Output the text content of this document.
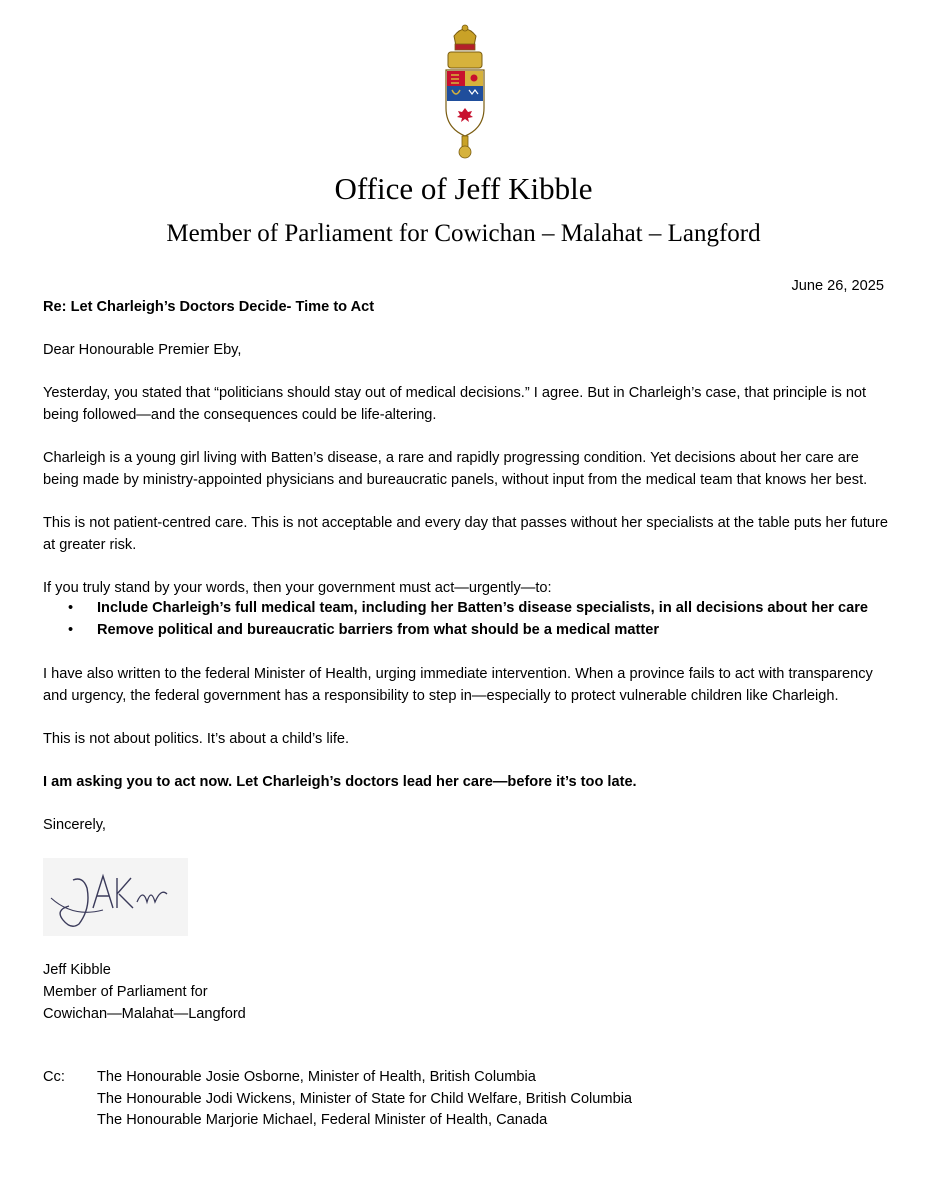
Office of Jeff Kibble
Member of Parliament for Cowichan – Malahat – Langford
June 26, 2025
Re: Let Charleigh’s Doctors Decide- Time to Act
Dear Honourable Premier Eby,
Yesterday, you stated that “politicians should stay out of medical decisions.” I agree. But in Charleigh’s case, that principle is not being followed—and the consequences could be life-altering.
Charleigh is a young girl living with Batten’s disease, a rare and rapidly progressing condition. Yet decisions about her care are being made by ministry-appointed physicians and bureaucratic panels, without input from the medical team that knows her best.
This is not patient-centred care. This is not acceptable and every day that passes without her specialists at the table puts her future at greater risk.
If you truly stand by your words, then your government must act—urgently—to:
•	Include Charleigh’s full medical team, including her Batten’s disease specialists, in all decisions about her care
•	Remove political and bureaucratic barriers from what should be a medical matter
I have also written to the federal Minister of Health, urging immediate intervention. When a province fails to act with transparency and urgency, the federal government has a responsibility to step in—especially to protect vulnerable children like Charleigh.
This is not about politics. It’s about a child’s life.
I am asking you to act now. Let Charleigh’s doctors lead her care—before it’s too late.
Sincerely,
Jeff Kibble
Member of Parliament for
Cowichan—Malahat—Langford
Cc: The Honourable Josie Osborne, Minister of Health, British Columbia
The Honourable Jodi Wickens, Minister of State for Child Welfare, British Columbia
The Honourable Marjorie Michael, Federal Minister of Health, Canada
